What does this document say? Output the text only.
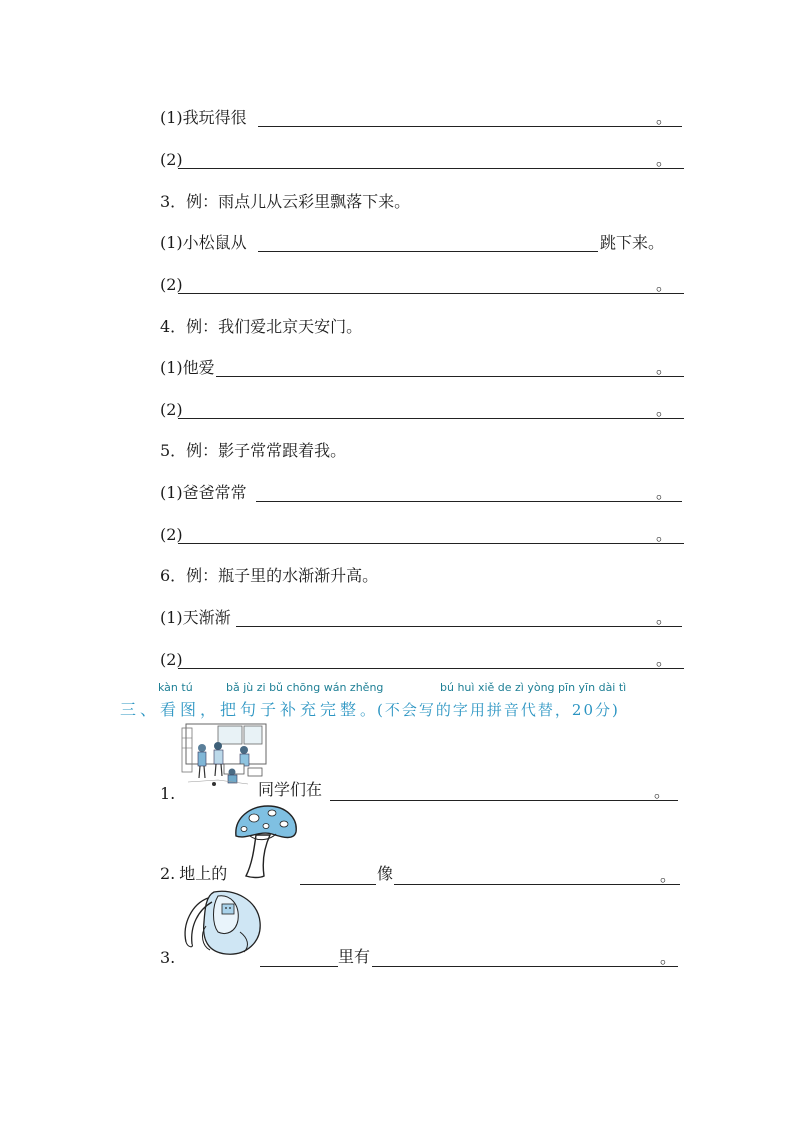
(1)我玩得很	。
(2)	。
3．例：雨点儿从云彩里飘落下来。
(1)小松鼠从	跳下来。
(2)	。
4．例：我们爱北京天安门。
(1)他爱	。
(2)	。
5．例：影子常常跟着我。
(1)爸爸常常	。
(2)	。
6．例：瓶子里的水渐渐升高。
(1)天渐渐	。
(2)	。
kàn tú	bǎ jù zi bǔ chōng wán zhěng	bú huì xiě de zì yòng pīn yīn dài tì
三、看图，把句子补充完整。(不会写的字用拼音代替，20分)
1.	同学们在	。
2. 地上的	像	。
3.	里有	。
